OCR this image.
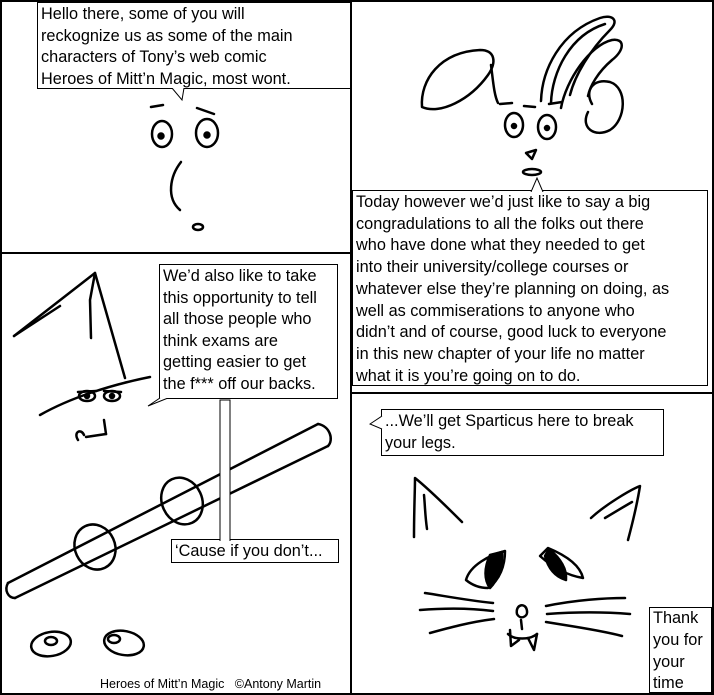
Hello there, some of you will
reckognize us as some of the main
characters of Tony’s web comic
Heroes of Mitt’n Magic, most wont.
Today however we’d just like to say a big
congradulations to all the folks out there
who have done what they needed to get
into their university/college courses or
whatever else they’re planning on doing, as
well as commiserations to anyone who
didn’t and of course, good luck to everyone
in this new chapter of your life no matter
what it is you’re going on to do.
We’d also like to take
this opportunity to tell
all those people who
think exams are
getting easier to get
the f*** off our backs.
‘Cause if you don’t...
...We’ll get Sparticus here to break
your legs.
Thank
you for
your
time
Heroes of Mitt’n Magic   ©Antony Martin
